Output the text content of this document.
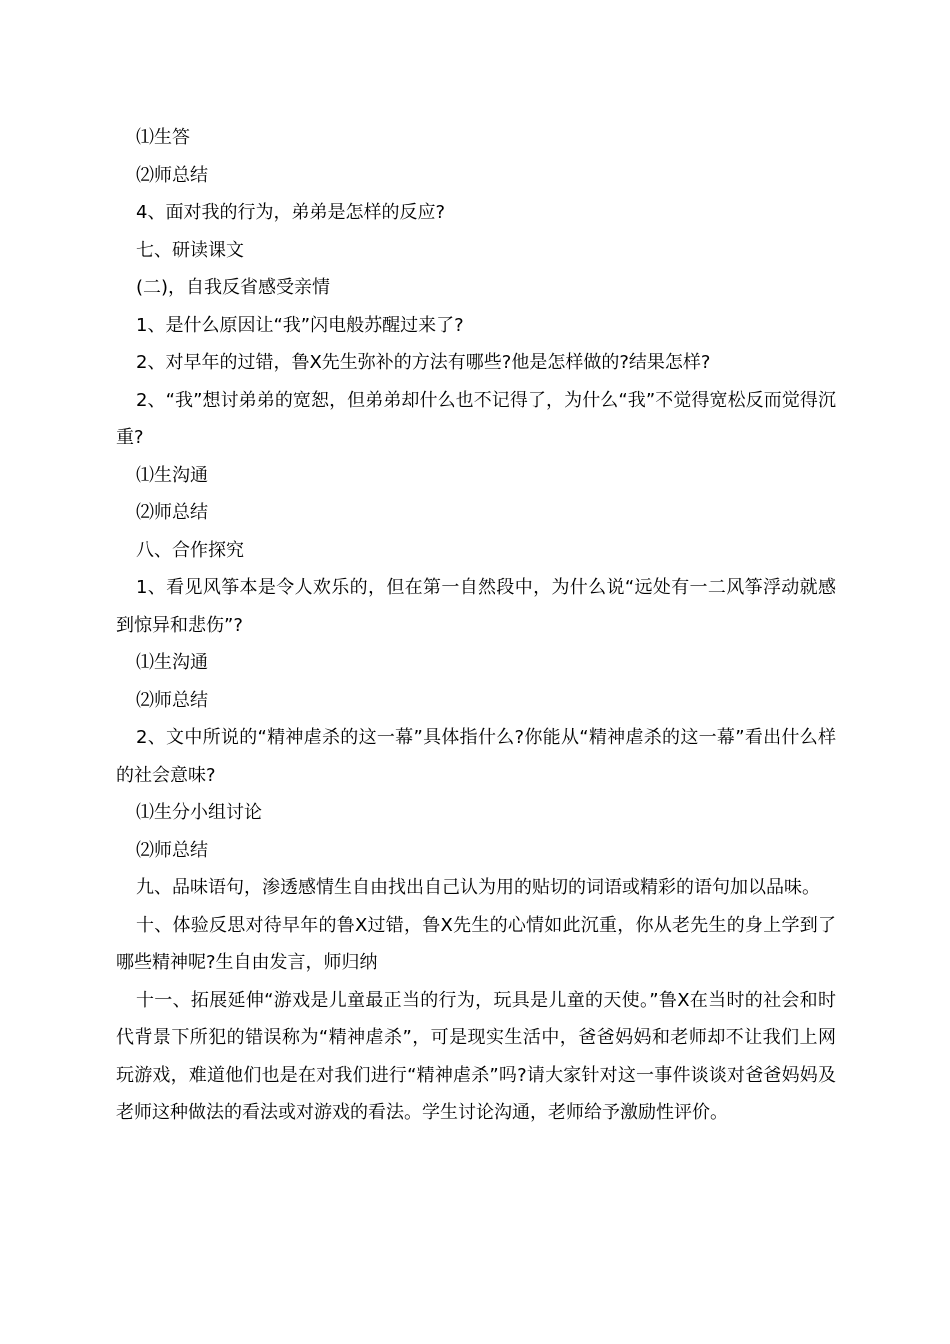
⑴生答
⑵师总结
4、面对我的行为，弟弟是怎样的反应?
七、研读课文
(二)，自我反省感受亲情
1、是什么原因让“我”闪电般苏醒过来了?
2、对早年的过错，鲁X先生弥补的方法有哪些?他是怎样做的?结果怎样?
2、“我”想讨弟弟的宽恕，但弟弟却什么也不记得了，为什么“我”不觉得宽松反而觉得沉重?
⑴生沟通
⑵师总结
八、合作探究
1、看见风筝本是令人欢乐的，但在第一自然段中，为什么说“远处有一二风筝浮动就感到惊异和悲伤”?
⑴生沟通
⑵师总结
2、文中所说的“精神虐杀的这一幕”具体指什么?你能从“精神虐杀的这一幕”看出什么样的社会意味?
⑴生分小组讨论
⑵师总结
九、品味语句，渗透感情生自由找出自己认为用的贴切的词语或精彩的语句加以品味。
十、体验反思对待早年的鲁X过错，鲁X先生的心情如此沉重，你从老先生的身上学到了哪些精神呢?生自由发言，师归纳
十一、拓展延伸“游戏是儿童最正当的行为，玩具是儿童的天使。”鲁X在当时的社会和时代背景下所犯的错误称为“精神虐杀”，可是现实生活中，爸爸妈妈和老师却不让我们上网玩游戏，难道他们也是在对我们进行“精神虐杀”吗?请大家针对这一事件谈谈对爸爸妈妈及老师这种做法的看法或对游戏的看法。学生讨论沟通，老师给予激励性评价。
